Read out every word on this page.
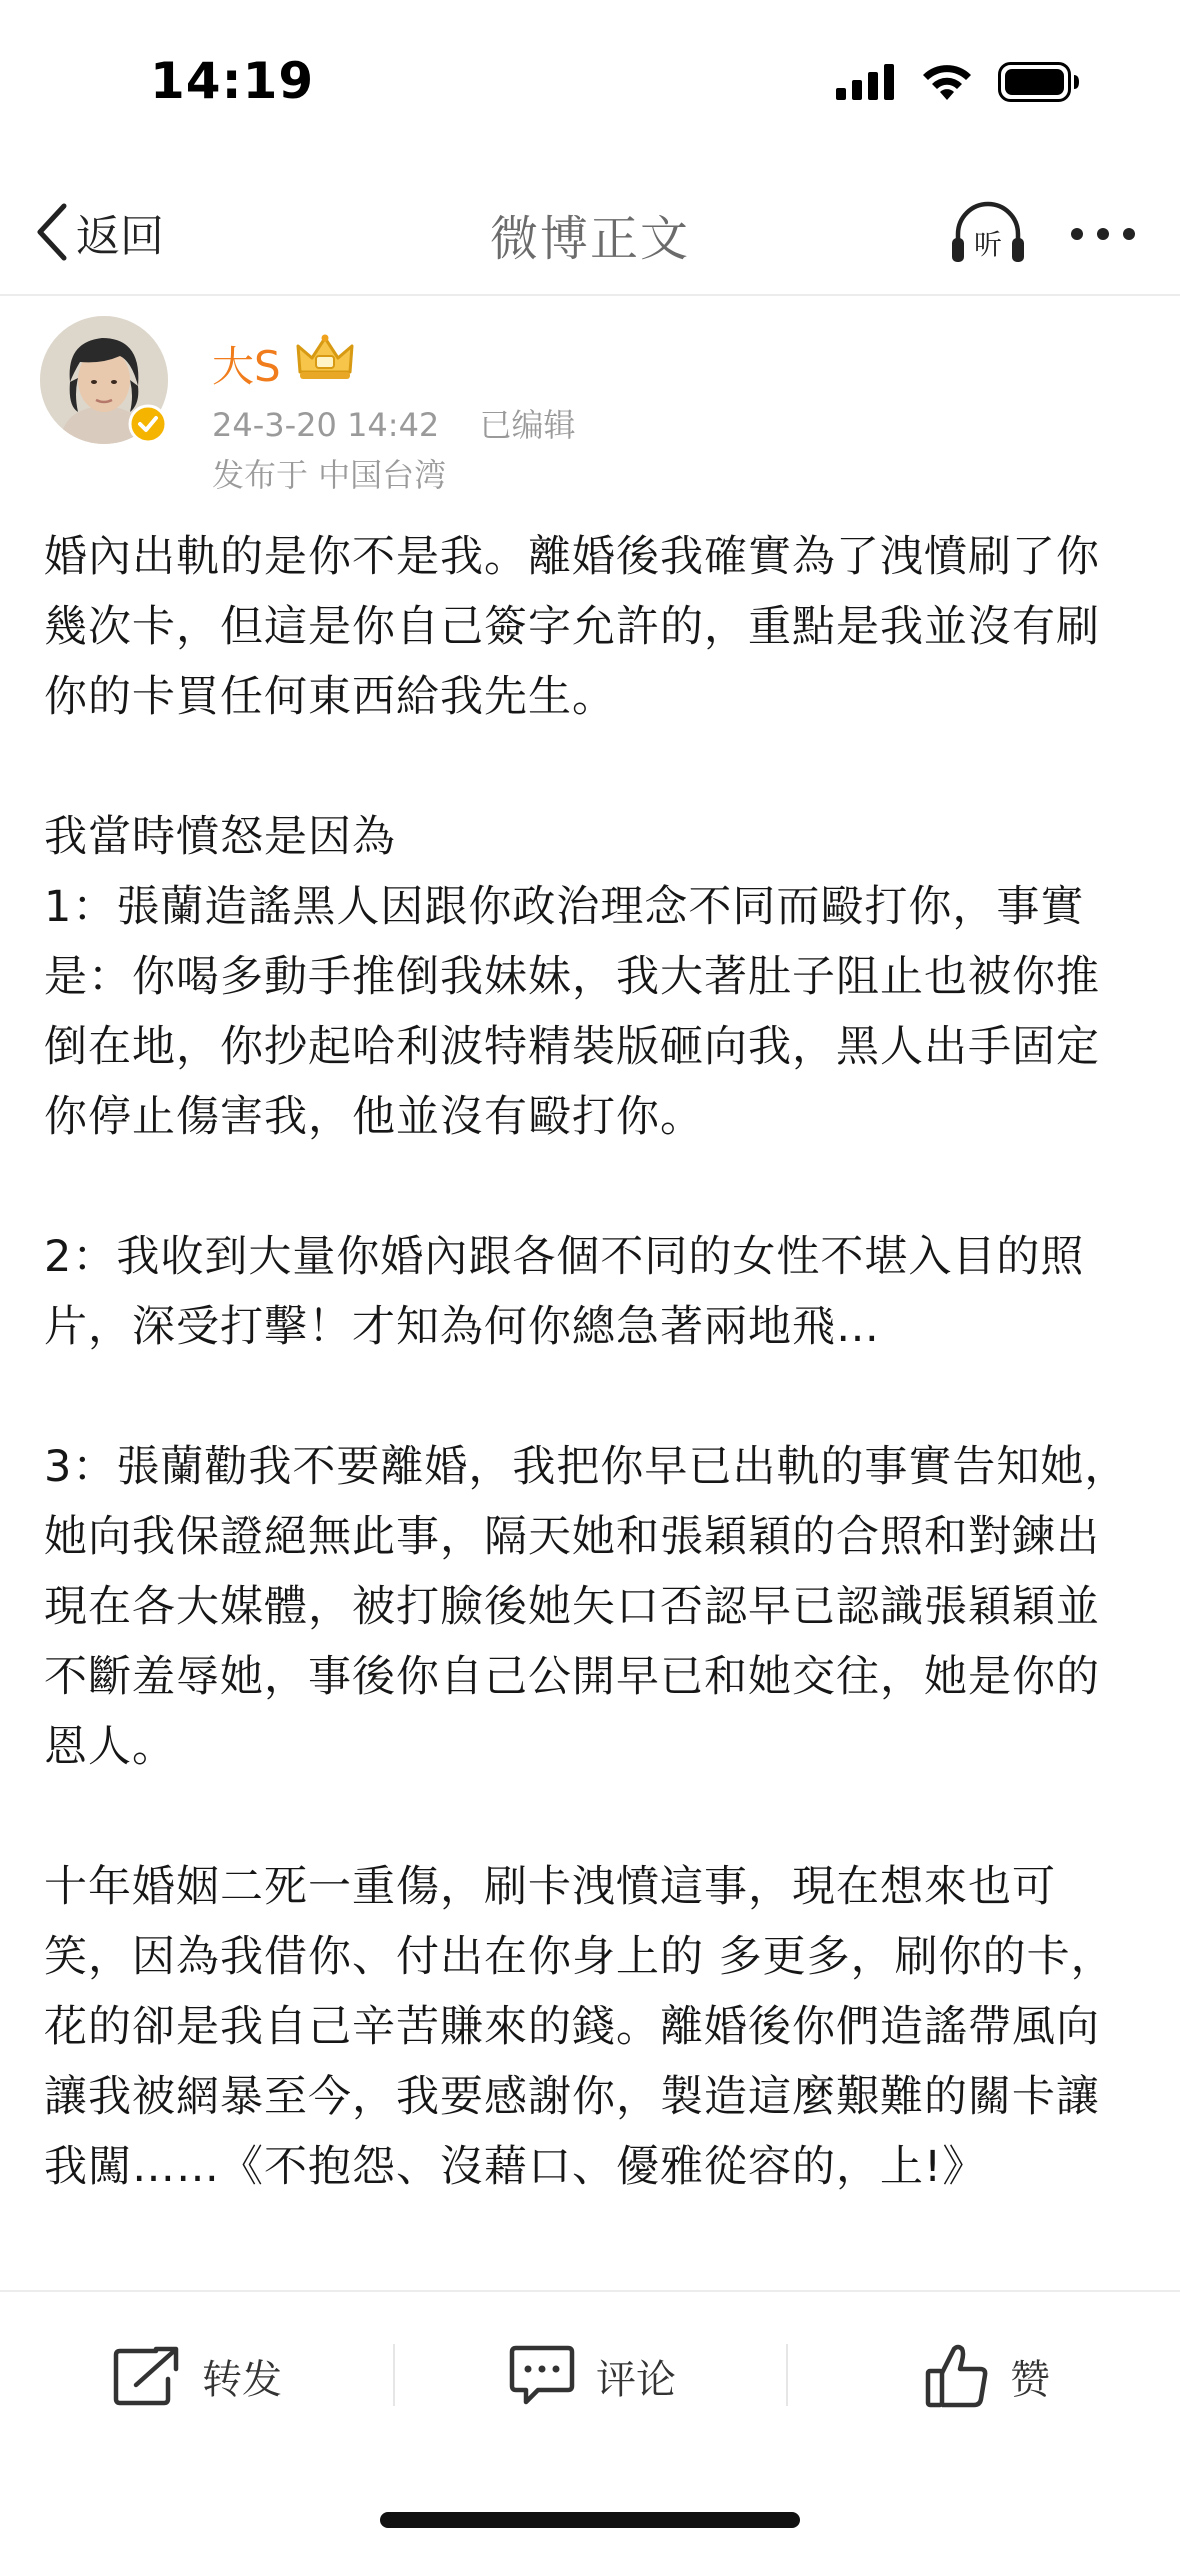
14:19
返回	微博正文	听
大S
24-3-20 14:42 已编辑
发布于 中国台湾

婚內出軌的是你不是我。離婚後我確實為了洩憤刷了你幾次卡，但這是你自己簽字允許的，重點是我並沒有刷你的卡買任何東西給我先生。

我當時憤怒是因為

1：張蘭造謠黑人因跟你政治理念不同而毆打你，事實是：你喝多動手推倒我妹妹，我大著肚子阻止也被你推倒在地，你抄起哈利波特精裝版砸向我，黑人出手固定你停止傷害我，他並沒有毆打你。

2：我收到大量你婚內跟各個不同的女性不堪入目的照片，深受打擊！才知為何你總急著兩地飛…

3：張蘭勸我不要離婚，我把你早已出軌的事實告知她，她向我保證絕無此事，隔天她和張穎穎的合照和對鍊出現在各大媒體，被打臉後她矢口否認早已認識張穎穎並不斷羞辱她，事後你自己公開早已和她交往，她是你的恩人。

十年婚姻二死一重傷，刷卡洩憤這事，現在想來也可笑，因為我借你、付出在你身上的 多更多，刷你的卡，花的卻是我自己辛苦賺來的錢。離婚後你們造謠帶風向讓我被網暴至今，我要感謝你，製造這麼艱難的關卡讓我闖……《不抱怨、沒藉口、優雅從容的，上!》

转发	评论	赞
